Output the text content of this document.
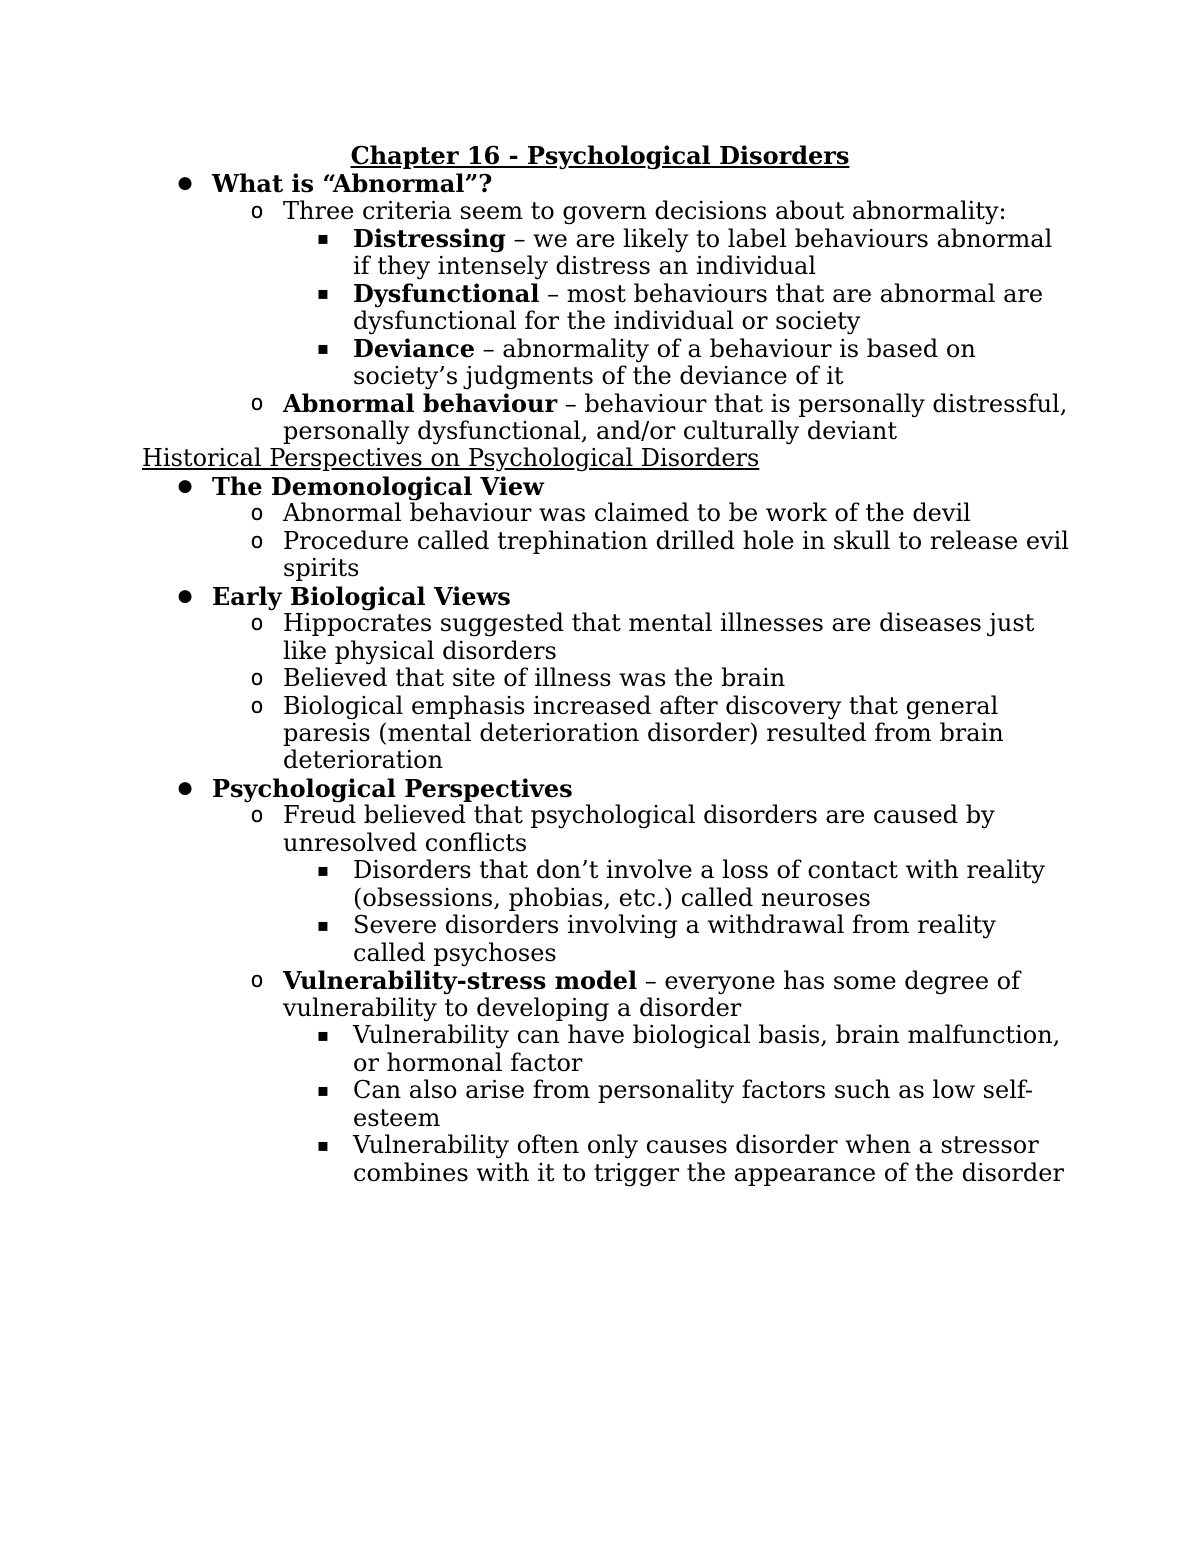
Chapter 16 - Psychological Disorders
● What is “Abnormal”?
o Three criteria seem to govern decisions about abnormality:
▪ Distressing – we are likely to label behaviours abnormal
if they intensely distress an individual
▪ Dysfunctional – most behaviours that are abnormal are
dysfunctional for the individual or society
▪ Deviance – abnormality of a behaviour is based on
society’s judgments of the deviance of it
o Abnormal behaviour – behaviour that is personally distressful,
personally dysfunctional, and/or culturally deviant
Historical Perspectives on Psychological Disorders
● The Demonological View
o Abnormal behaviour was claimed to be work of the devil
o Procedure called trephination drilled hole in skull to release evil
spirits
● Early Biological Views
o Hippocrates suggested that mental illnesses are diseases just
like physical disorders
o Believed that site of illness was the brain
o Biological emphasis increased after discovery that general
paresis (mental deterioration disorder) resulted from brain
deterioration
● Psychological Perspectives
o Freud believed that psychological disorders are caused by
unresolved conflicts
▪ Disorders that don’t involve a loss of contact with reality
(obsessions, phobias, etc.) called neuroses
▪ Severe disorders involving a withdrawal from reality
called psychoses
o Vulnerability-stress model – everyone has some degree of
vulnerability to developing a disorder
▪ Vulnerability can have biological basis, brain malfunction,
or hormonal factor
▪ Can also arise from personality factors such as low self-
esteem
▪ Vulnerability often only causes disorder when a stressor
combines with it to trigger the appearance of the disorder
